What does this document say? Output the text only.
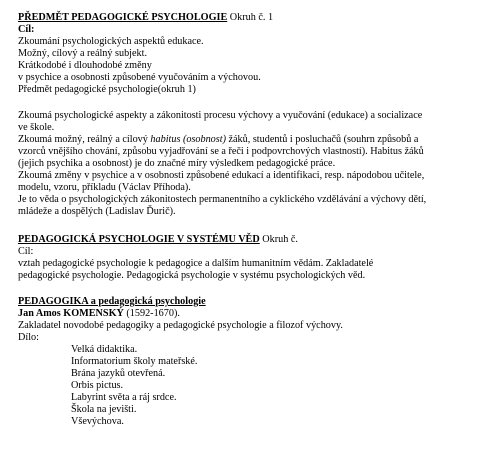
PŘEDMĚT PEDAGOGICKÉ PSYCHOLOGIE Okruh č. 1
Cíl:
Zkoumání psychologických aspektů edukace.
Možný, cílový a reálný subjekt.
Krátkodobé i dlouhodobé změny
v psychice a osobnosti způsobené vyučováním a výchovou.
Předmět pedagogické psychologie(okruh 1)
Zkoumá psychologické aspekty a zákonitosti procesu výchovy a vyučování (edukace) a socializace
ve škole.
Zkoumá možný, reálný a cílový habitus (osobnost) žáků, studentů i posluchačů (souhrn způsobů a
vzorců vnějšího chování, způsobu vyjadřování se a řeči i podpovrchových vlastností). Habitus žáků
(jejich psychika a osobnost) je do značné míry výsledkem pedagogické práce.
Zkoumá změny v psychice a v osobnosti způsobené edukací a identifikaci, resp. nápodobou učitele,
modelu, vzoru, příkladu (Václav Příhoda).
Je to věda o psychologických zákonitostech permanentního a cyklického vzdělávání a výchovy dětí,
mládeže a dospělých (Ladislav Ďurič).
PEDAGOGICKÁ PSYCHOLOGIE V SYSTÉMU VĚD Okruh č.
Cíl:
vztah pedagogické psychologie k pedagogice a dalším humanitním vědám. Zakladatelé
pedagogické psychologie. Pedagogická psychologie v systému psychologických věd.
PEDAGOGIKA a pedagogická psychologie
Jan Amos KOMENSKÝ (1592-1670).
Zakladatel novodobé pedagogiky a pedagogické psychologie a filozof výchovy.
Dílo:
Velká didaktika.
Informatorium školy mateřské.
Brána jazyků otevřená.
Orbis pictus.
Labyrint světa a ráj srdce.
Škola na jevišti.
Vševýchova.
